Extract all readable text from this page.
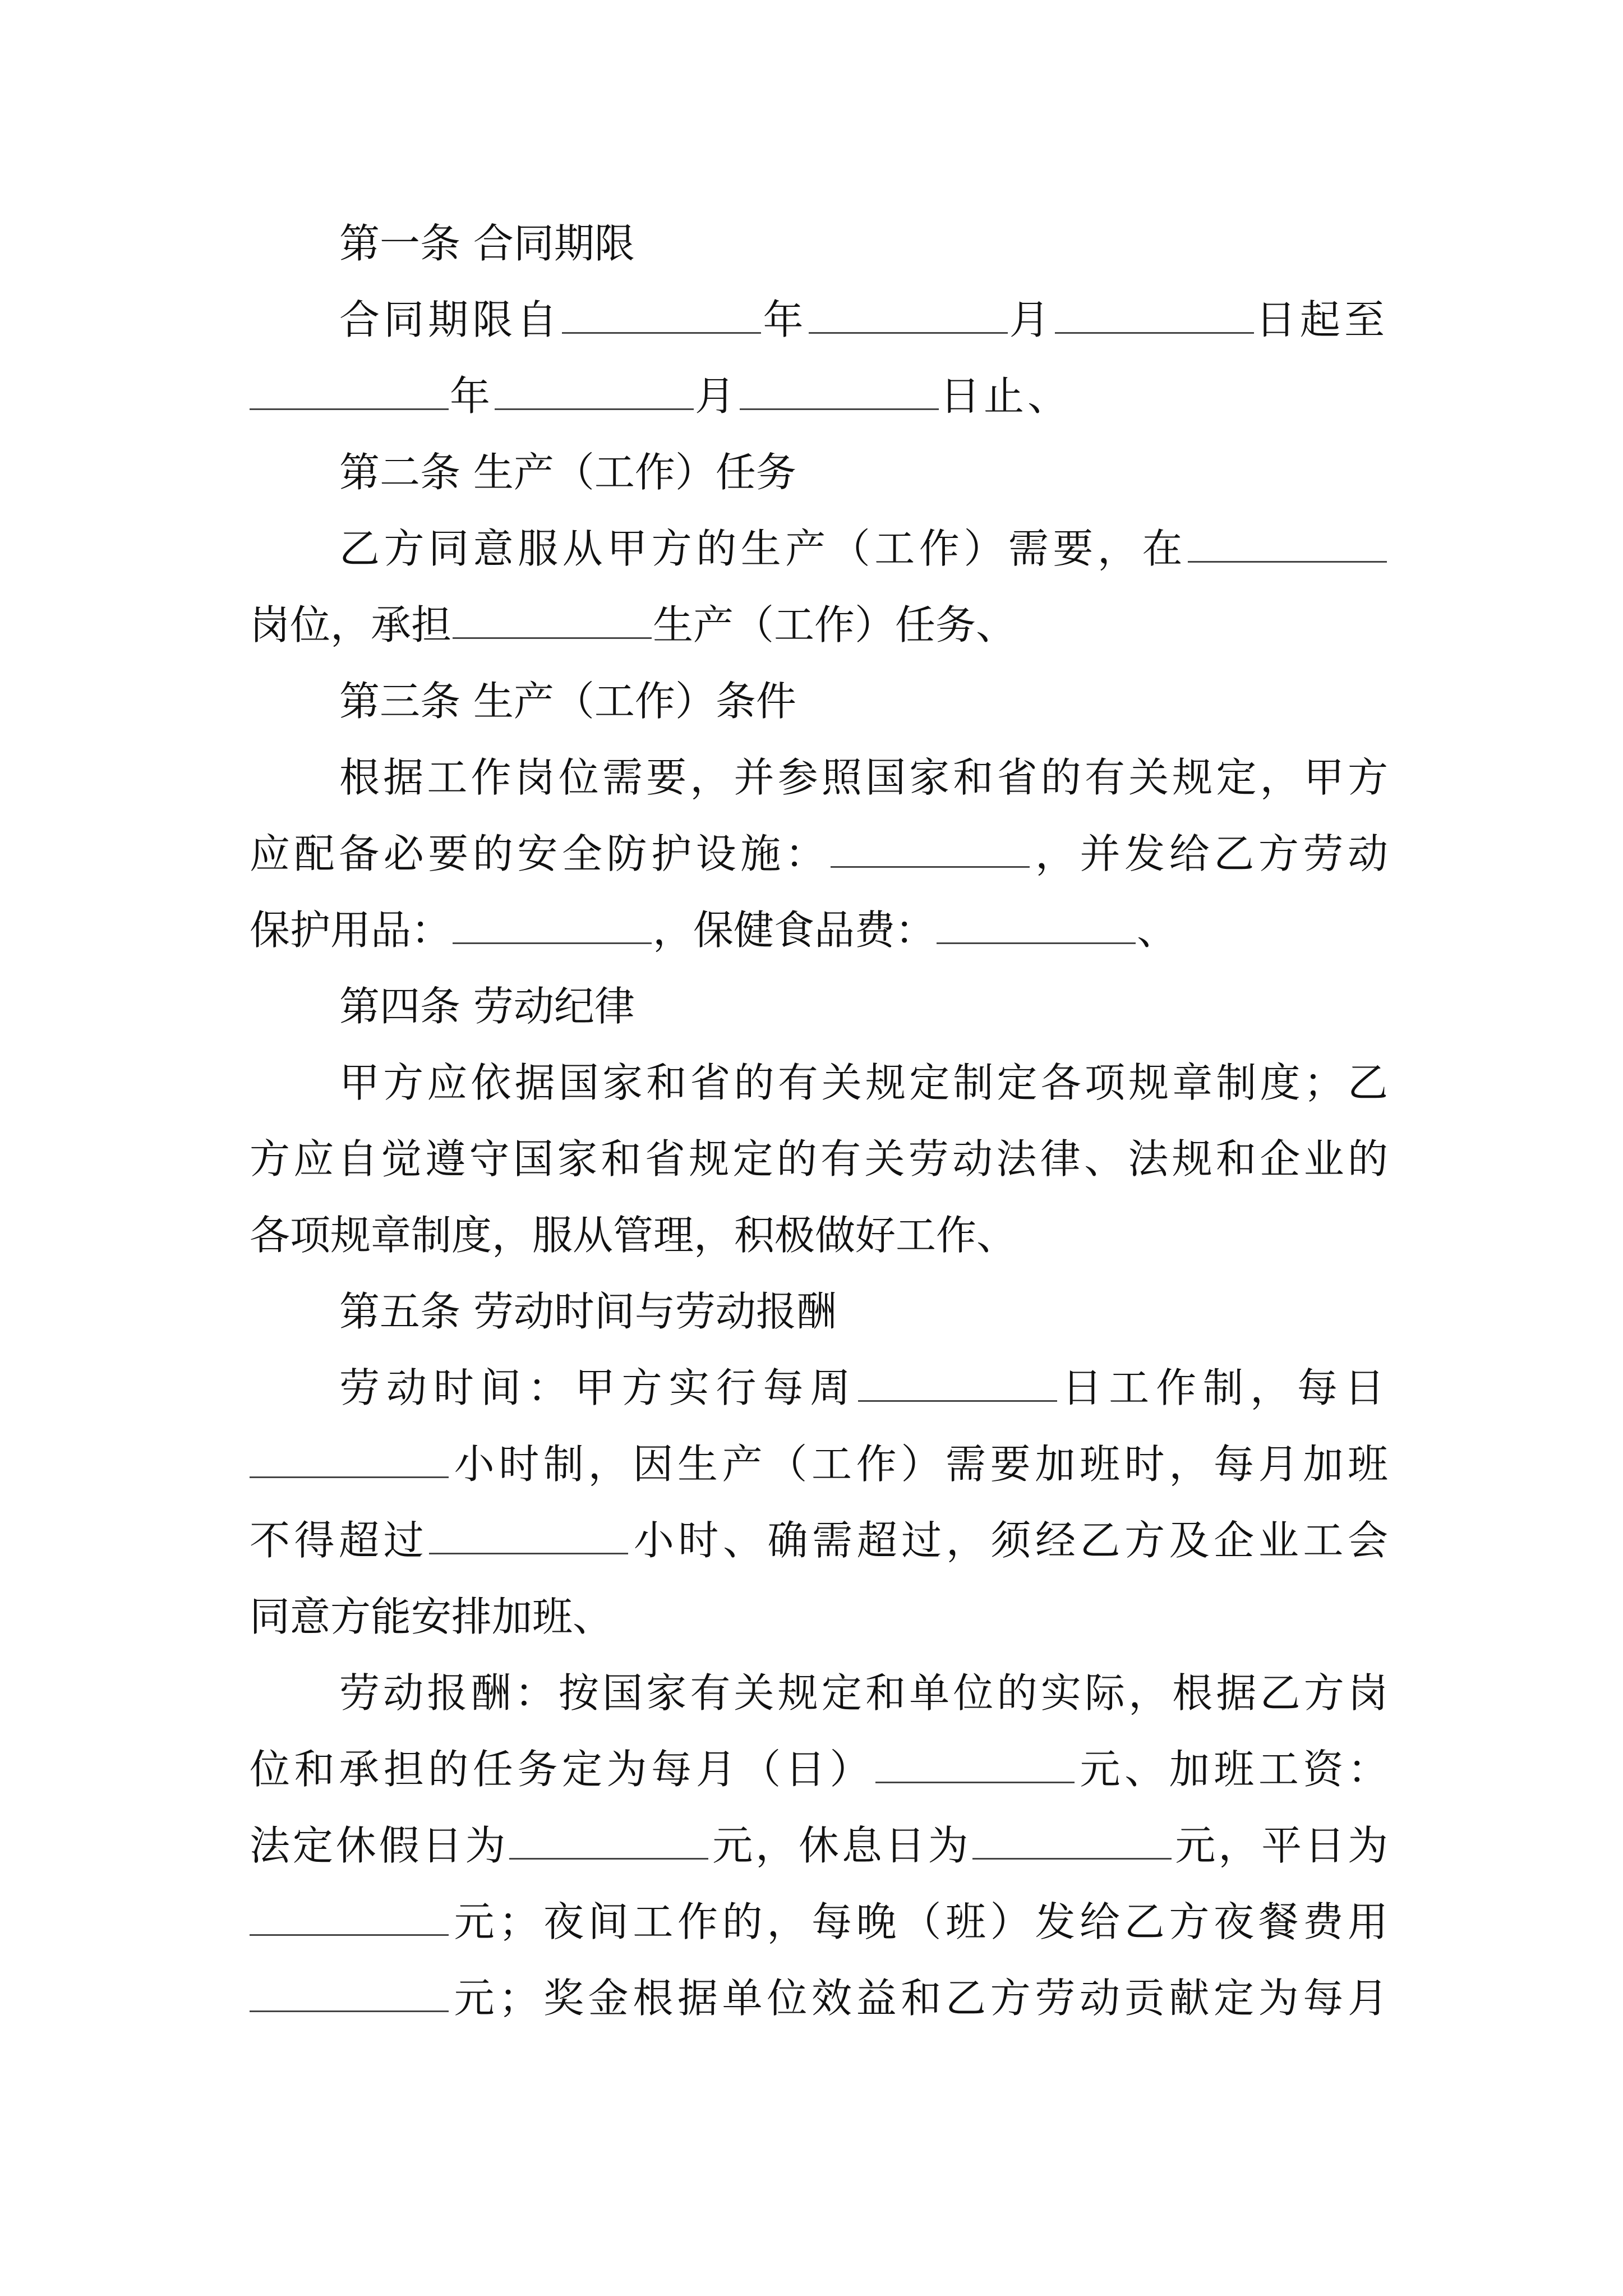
第一条 合同期限
合同期限自	年	月	日起至
年	月	日止、
第二条 生产（工作）任务
乙方同意服从甲方的生产（工作）需要，在
岗位，承担	生产（工作）任务、
第三条 生产（工作）条件
根据工作岗位需要，并参照国家和省的有关规定，甲方
应配备必要的安全防护设施：	，并发给乙方劳动
保护用品：	，保健食品费：	、
第四条 劳动纪律
甲方应依据国家和省的有关规定制定各项规章制度；乙
方应自觉遵守国家和省规定的有关劳动法律、法规和企业的
各项规章制度，服从管理，积极做好工作、
第五条 劳动时间与劳动报酬
劳动时间：甲方实行每周	日工作制，每日
小时制，因生产（工作）需要加班时，每月加班
不得超过	小时、确需超过，须经乙方及企业工会
同意方能安排加班、
劳动报酬：按国家有关规定和单位的实际，根据乙方岗
位和承担的任务定为每月（日）	元、加班工资：
法定休假日为	元，休息日为	元，平日为
元；夜间工作的，每晚（班）发给乙方夜餐费用
元；奖金根据单位效益和乙方劳动贡献定为每月
